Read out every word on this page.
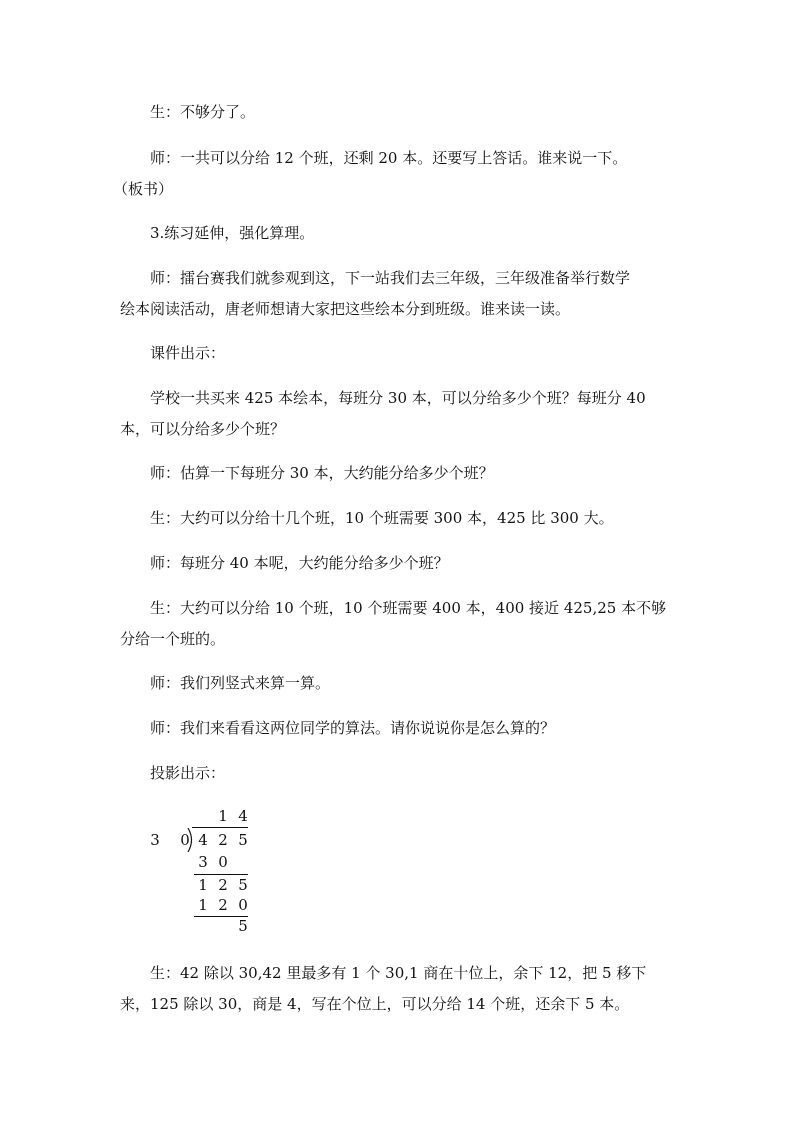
生：不够分了。

师：一共可以分给 12 个班，还剩 20 本。还要写上答话。谁来说一下。
（板书）

3.练习延伸，强化算理。

师：擂台赛我们就参观到这，下一站我们去三年级，三年级准备举行数学
绘本阅读活动，唐老师想请大家把这些绘本分到班级。谁来读一读。

课件出示：

学校一共买来 425 本绘本，每班分 30 本，可以分给多少个班？每班分 40
本，可以分给多少个班？

师：估算一下每班分 30 本，大约能分给多少个班？

生：大约可以分给十几个班，10 个班需要 300 本，425 比 300 大。

师：每班分 40 本呢，大约能分给多少个班？

生：大约可以分给 10 个班，10 个班需要 400 本，400 接近 425,25 本不够
分给一个班的。

师：我们列竖式来算一算。

师：我们来看看这两位同学的算法。请你说说你是怎么算的？

投影出示：

1 4
3 0 4 2 5
3 0
1 2 5
1 2 0
5

生：42 除以 30,42 里最多有 1 个 30,1 商在十位上，余下 12，把 5 移下
来，125 除以 30，商是 4，写在个位上，可以分给 14 个班，还余下 5 本。
